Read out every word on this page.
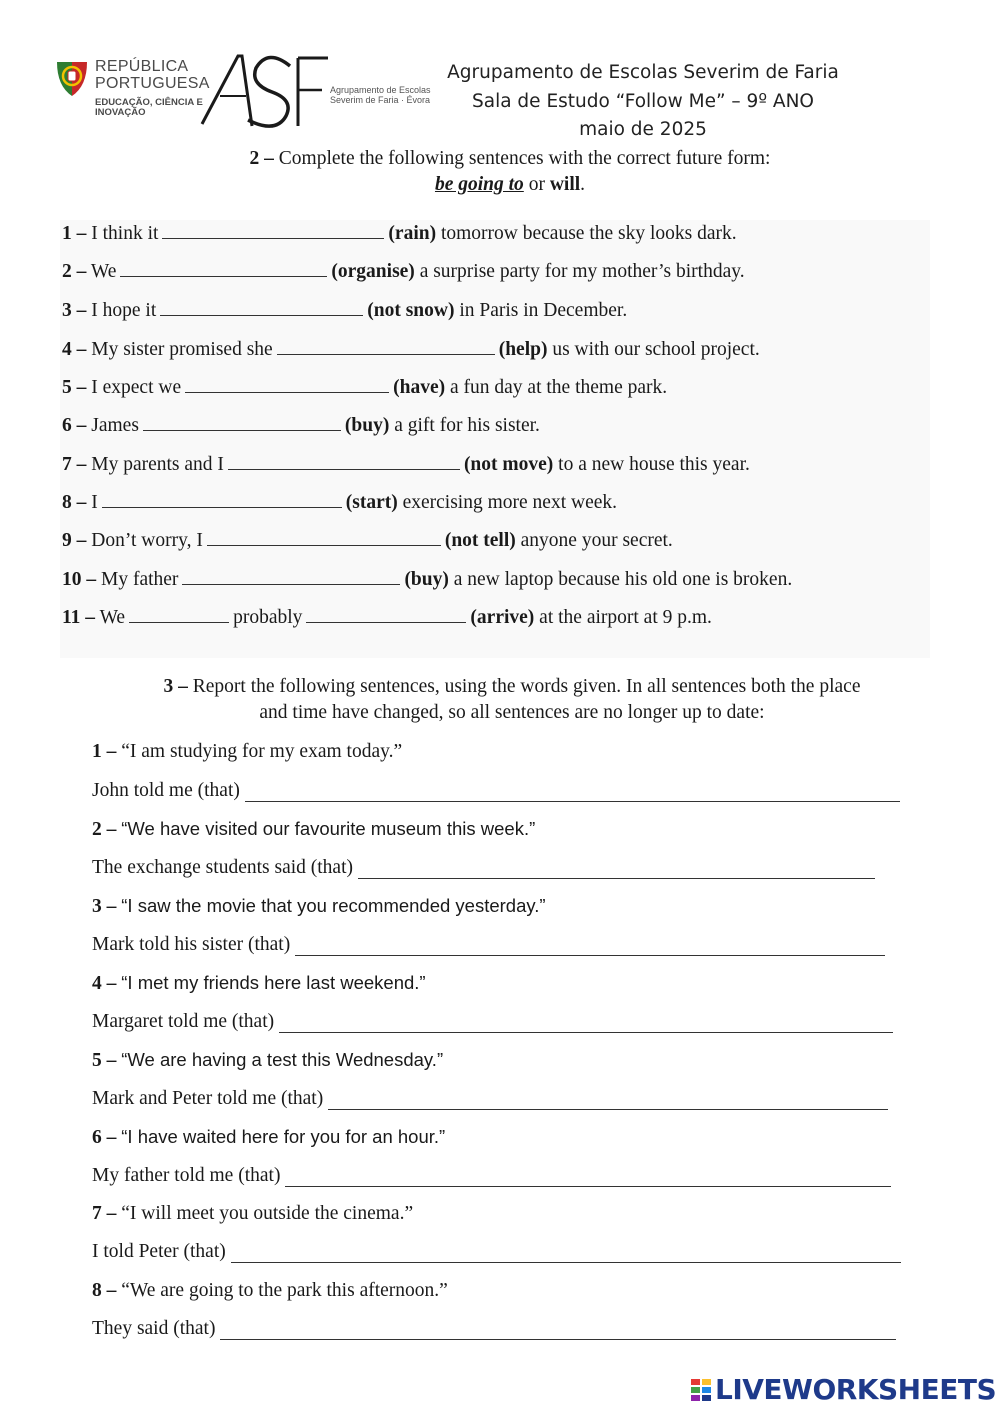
REPÚBLICA
PORTUGUESA
EDUCAÇÃO, CIÊNCIA E INOVAÇÃO
Agrupamento de Escolas
Severim de Faria · Évora
Agrupamento de Escolas Severim de Faria
Sala de Estudo “Follow Me” – 9º ANO
maio de 2025
2 – Complete the following sentences with the correct future form:
be going to or will.
1 – I think it	(rain) tomorrow because the sky looks dark.
2 – We	(organise) a surprise party for my mother’s birthday.
3 – I hope it	(not snow) in Paris in December.
4 – My sister promised she	(help) us with our school project.
5 – I expect we	(have) a fun day at the theme park.
6 – James	(buy) a gift for his sister.
7 – My parents and I	(not move) to a new house this year.
8 – I	(start) exercising more next week.
9 – Don’t worry, I	(not tell) anyone your secret.
10 – My father	(buy) a new laptop because his old one is broken.
11 – We	probably	(arrive) at the airport at 9 p.m.
3 – Report the following sentences, using the words given. In all sentences both the place
and time have changed, so all sentences are no longer up to date:
1 – “I am studying for my exam today.”
John told me (that)
2 – “We have visited our favourite museum this week.”
The exchange students said (that)
3 – “I saw the movie that you recommended yesterday.”
Mark told his sister (that)
4 – “I met my friends here last weekend.”
Margaret told me (that)
5 – “We are having a test this Wednesday.”
Mark and Peter told me (that)
6 – “I have waited here for you for an hour.”
My father told me (that)
7 – “I will meet you outside the cinema.”
I told Peter (that)
8 – “We are going to the park this afternoon.”
They said (that)
LIVEWORKSHEETS
